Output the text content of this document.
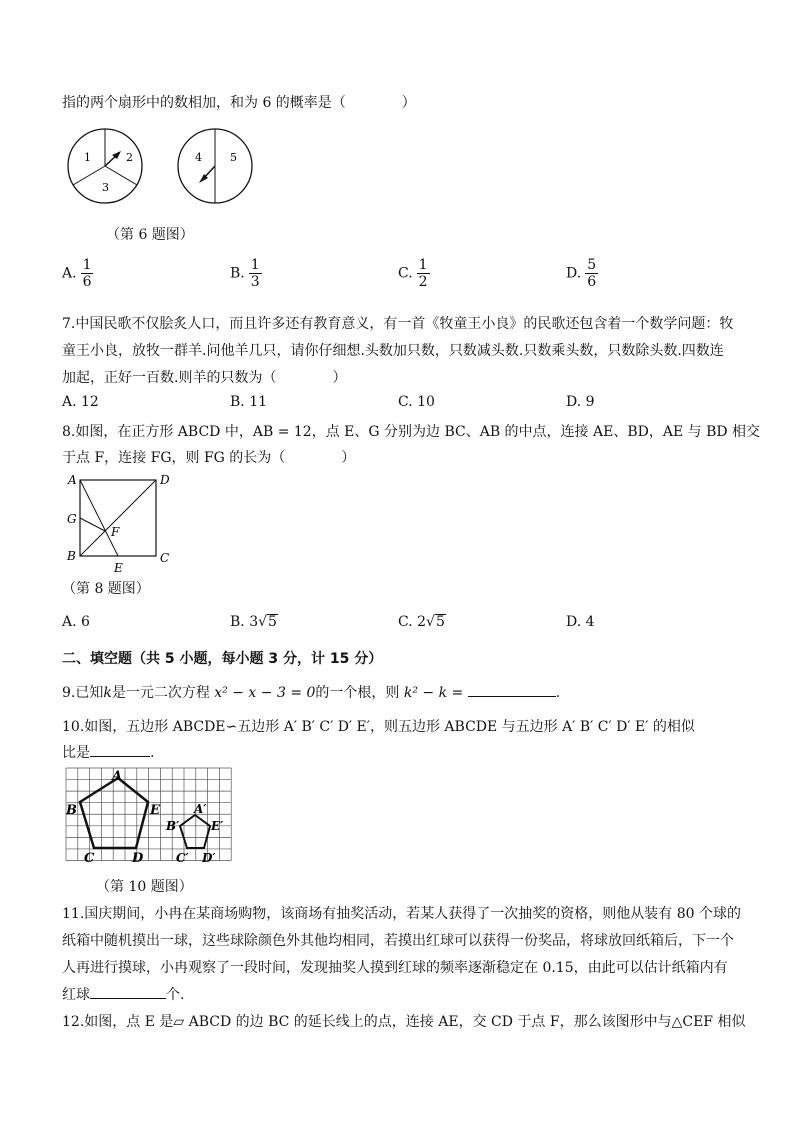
指的两个扇形中的数相加，和为 6 的概率是（　　　　）
1	2
3
4	5
（第 6 题图）
A. $\frac{1}{6}$	B. $\frac{1}{3}$	C. $\frac{1}{2}$	D. $\frac{5}{6}$
7.中国民歌不仅脍炙人口，而且许多还有教育意义，有一首《牧童王小良》的民歌还包含着一个数学问题：牧
童王小良，放牧一群羊.问他羊几只，请你仔细想.头数加只数，只数减头数.只数乘头数，只数除头数.四数连
加起，正好一百数.则羊的只数为（　　　　）
A. 12	B. 11	C. 10	D. 9
8.如图，在正方形 ABCD 中，AB = 12，点 E、G 分别为边 BC、AB 的中点，连接 AE、BD，AE 与 BD 相交
于点 F，连接 FG，则 FG 的长为（　　　　）
A	D
G
F
B	C
E
（第 8 题图）
A. 6	B. 3√5	C. 2√5	D. 4
二、填空题（共 5 小题，每小题 3 分，计 15 分）
9.已知k是一元二次方程 x² − x − 3 = 0的一个根，则 k² − k =	.
10.如图，五边形 ABCDE∽五边形 A′ B′ C′ D′ E′，则五边形 ABCDE 与五边形 A′ B′ C′ D′ E′ 的相似
比是	.
A
B	E
C	D
A′
B′	E′
C′ D′
（第 10 题图）
11.国庆期间，小冉在某商场购物，该商场有抽奖活动，若某人获得了一次抽奖的资格，则他从装有 80 个球的
纸箱中随机摸出一球，这些球除颜色外其他均相同，若摸出红球可以获得一份奖品，将球放回纸箱后，下一个
人再进行摸球，小冉观察了一段时间，发现抽奖人摸到红球的频率逐渐稳定在 0.15，由此可以估计纸箱内有
红球	个.
12.如图，点 E 是▱ ABCD 的边 BC 的延长线上的点，连接 AE，交 CD 于点 F，那么该图形中与△CEF 相似
